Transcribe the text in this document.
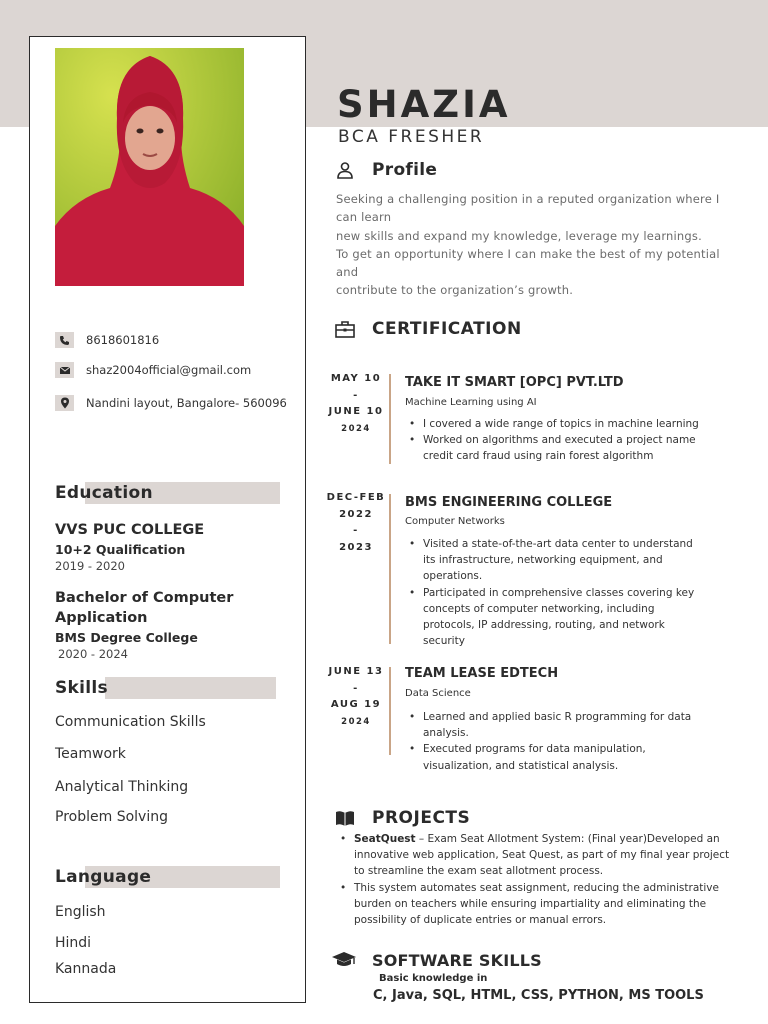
8618601816
shaz2004official@gmail.com
Nandini layout, Bangalore- 560096
Education
VVS PUC COLLEGE
10+2 Qualification
2019 - 2020
Bachelor of Computer
Application
BMS Degree College
2020 - 2024
Skills
Communication Skills
Teamwork
Analytical Thinking
Problem Solving
Language
English
Hindi
Kannada
SHAZIA
BCA FRESHER
Profile
Seeking a challenging position in a reputed organization where I
can learn
new skills and expand my knowledge, leverage my learnings.
To get an opportunity where I can make the best of my potential
and
contribute to the organization’s growth.
CERTIFICATION
MAY 10
-
JUNE 10
2024
TAKE IT SMART [OPC] PVT.LTD
Machine Learning using AI
• I covered a wide range of topics in machine learning
• Worked on algorithms and executed a project name credit card fraud using rain forest algorithm
DEC-FEB
2022
-
2023
BMS ENGINEERING COLLEGE
Computer Networks
• Visited a state-of-the-art data center to understand its infrastructure, networking equipment, and operations.
• Participated in comprehensive classes covering key concepts of computer networking, including protocols, IP addressing, routing, and network security
JUNE 13
-
AUG 19
2024
TEAM LEASE EDTECH
Data Science
• Learned and applied basic R programming for data analysis.
• Executed programs for data manipulation, visualization, and statistical analysis.
PROJECTS
• SeatQuest – Exam Seat Allotment System: (Final year)Developed an innovative web application, Seat Quest, as part of my final year project to streamline the exam seat allotment process.
• This system automates seat assignment, reducing the administrative burden on teachers while ensuring impartiality and eliminating the possibility of duplicate entries or manual errors.
SOFTWARE SKILLS
Basic knowledge in
C, Java, SQL, HTML, CSS, PYTHON, MS TOOLS
